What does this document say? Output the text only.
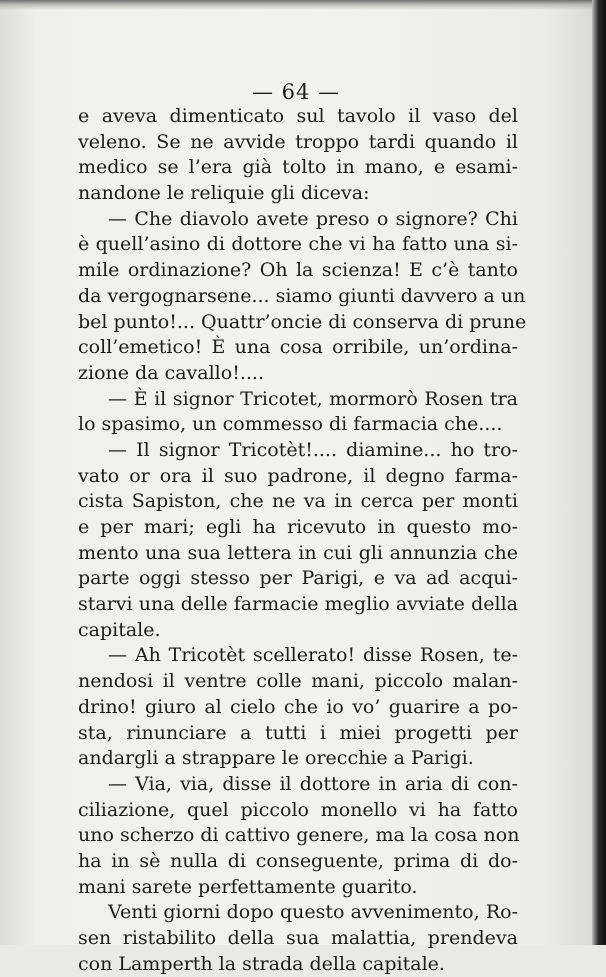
— 64 —
e aveva dimenticato sul tavolo il vaso del
veleno. Se ne avvide troppo tardi quando il
medico se l’era già tolto in mano, e esami-
nandone le reliquie gli diceva:
— Che diavolo avete preso o signore? Chi
è quell’asino di dottore che vi ha fatto una si-
mile ordinazione? Oh la scienza! E c’è tanto
da vergognarsene... siamo giunti davvero a un
bel punto!... Quattr’oncie di conserva di prune
coll’emetico! È una cosa orribile, un’ordina-
zione da cavallo!....
— È il signor Tricotet, mormorò Rosen tra
lo spasimo, un commesso di farmacia che....
— Il signor Tricotèt!.... diamine... ho tro-
vato or ora il suo padrone, il degno farma-
cista Sapiston, che ne va in cerca per monti
e per mari; egli ha ricevuto in questo mo-
mento una sua lettera in cui gli annunzia che
parte oggi stesso per Parigi, e va ad acqui-
starvi una delle farmacie meglio avviate della
capitale.
— Ah Tricotèt scellerato! disse Rosen, te-
nendosi il ventre colle mani, piccolo malan-
drino! giuro al cielo che io vo’ guarire a po-
sta, rinunciare a tutti i miei progetti per
andargli a strappare le orecchie a Parigi.
— Via, via, disse il dottore in aria di con-
ciliazione, quel piccolo monello vi ha fatto
uno scherzo di cattivo genere, ma la cosa non
ha in sè nulla di conseguente, prima di do-
mani sarete perfettamente guarito.
Venti giorni dopo questo avvenimento, Ro-
sen ristabilito della sua malattia, prendeva
con Lamperth la strada della capitale.
